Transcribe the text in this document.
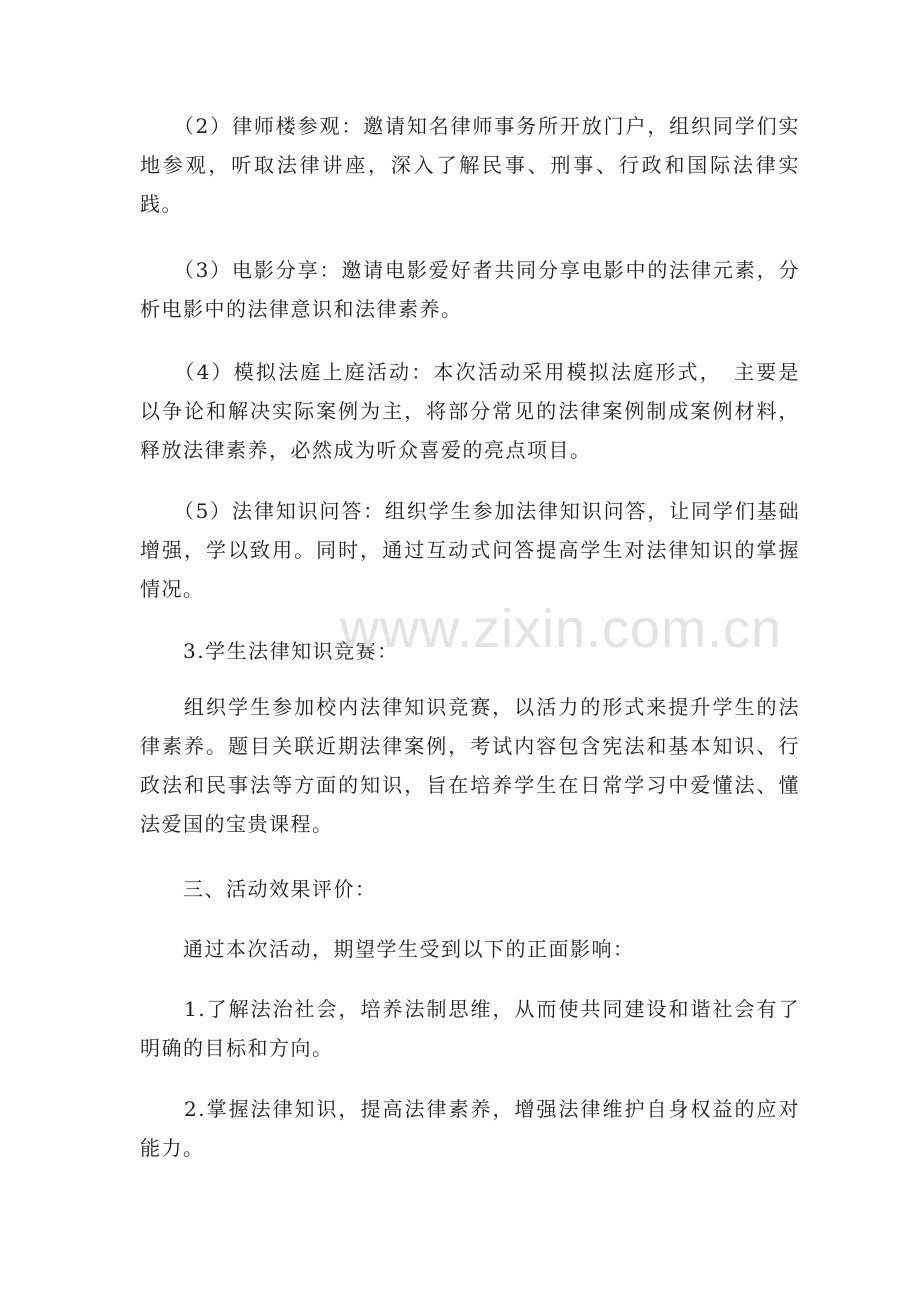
　　（2）律师楼参观：邀请知名律师事务所开放门户，组织同学们实地参观，听取法律讲座，深入了解民事、刑事、行政和国际法律实践。

　　（3）电影分享：邀请电影爱好者共同分享电影中的法律元素，分析电影中的法律意识和法律素养。

　　（4）模拟法庭上庭活动：本次活动采用模拟法庭形式，　主要是以争论和解决实际案例为主，将部分常见的法律案例制成案例材料，释放法律素养，必然成为听众喜爱的亮点项目。

　　（5）法律知识问答：组织学生参加法律知识问答，让同学们基础增强，学以致用。同时，通过互动式问答提高学生对法律知识的掌握情况。

　　3.学生法律知识竞赛：

　　组织学生参加校内法律知识竞赛，以活力的形式来提升学生的法律素养。题目关联近期法律案例，考试内容包含宪法和基本知识、行政法和民事法等方面的知识，旨在培养学生在日常学习中爱懂法、懂法爱国的宝贵课程。

　　三、活动效果评价：

　　通过本次活动，期望学生受到以下的正面影响：

　　1.了解法治社会，培养法制思维，从而使共同建设和谐社会有了明确的目标和方向。

　　2.掌握法律知识，提高法律素养，增强法律维护自身权益的应对能力。

www.zixin.com.cn
